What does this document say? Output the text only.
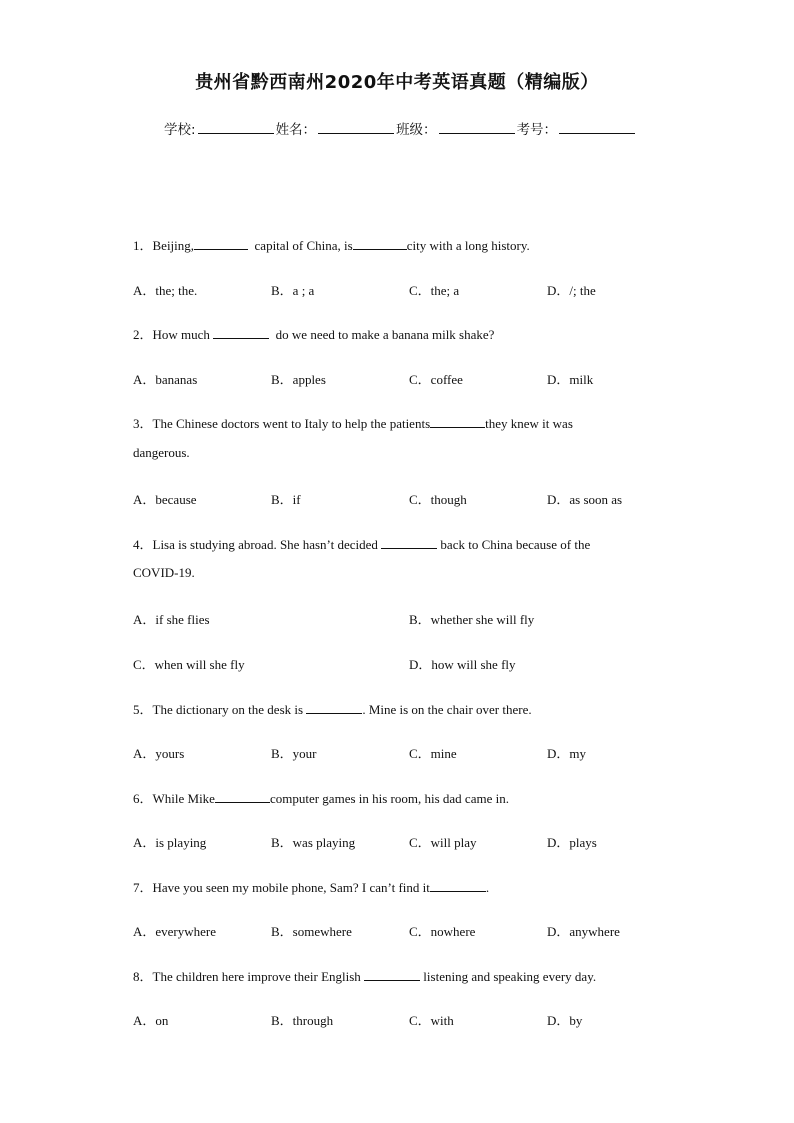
贵州省黔西南州2020年中考英语真题（精编版）
学校:	姓名：	班级：	考号：
1．Beijing,	capital of China, is	city with a long history.
A．the; the.	B．a ; a	C．the; a	D．/; the
2．How much	do we need to make a banana milk shake?
A．bananas	B．apples	C．coffee	D．milk
3．The Chinese doctors went to Italy to help the patients	they knew it was
dangerous.
A．because	B．if	C．though	D．as soon as
4．Lisa is studying abroad. She hasn’t decided	back to China because of the
COVID-19.
A．if she flies	B．whether she will fly
C．when will she fly	D．how will she fly
5．The dictionary on the desk is	. Mine is on the chair over there.
A．yours	B．your	C．mine	D．my
6．While Mike	computer games in his room, his dad came in.
A．is playing	B．was playing	C．will play	D．plays
7．Have you seen my mobile phone, Sam? I can’t find it	.
A．everywhere	B．somewhere	C．nowhere	D．anywhere
8．The children here improve their English	listening and speaking every day.
A．on	B．through	C．with	D．by
